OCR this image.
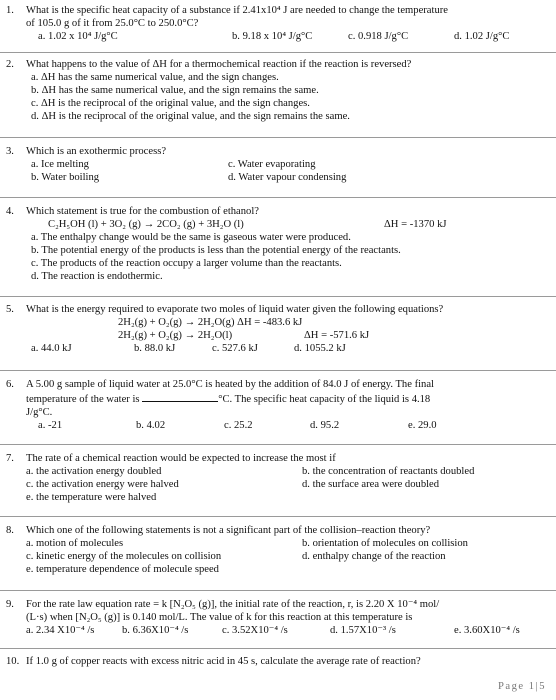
1.	What is the specific heat capacity of a substance if 2.41x10⁴ J are needed to change the temperature
of 105.0 g of it from 25.0°C to 250.0°C?
a. 1.02 x 10⁴ J/g°C	b. 9.18 x 10⁴ J/g°C	c. 0.918 J/g°C	d. 1.02 J/g°C
2.	What happens to the value of ΔH for a thermochemical reaction if the reaction is reversed?
a. ΔH has the same numerical value, and the sign changes.
b. ΔH has the same numerical value, and the sign remains the same.
c. ΔH is the reciprocal of the original value, and the sign changes.
d. ΔH is the reciprocal of the original value, and the sign remains the same.
3.	Which is an exothermic process?
a. Ice melting	c. Water evaporating
b. Water boiling	d. Water vapour condensing
4.	Which statement is true for the combustion of ethanol?
C₂H₅OH (l) + 3O₂ (g) → 2CO₂ (g) + 3H₂O (l)	ΔH = -1370 kJ
a. The enthalpy change would be the same is gaseous water were produced.
b. The potential energy of the products is less than the potential energy of the reactants.
c. The products of the reaction occupy a larger volume than the reactants.
d. The reaction is endothermic.
5.	What is the energy required to evaporate two moles of liquid water given the following equations?
2H₂(g) + O₂(g) → 2H₂O(g) ΔH = -483.6 kJ
2H₂(g) + O₂(g) → 2H₂O(l)	ΔH = -571.6 kJ
a. 44.0 kJ	b. 88.0 kJ	c. 527.6 kJ	d. 1055.2 kJ
6.	A 5.00 g sample of liquid water at 25.0°C is heated by the addition of 84.0 J of energy. The final
temperature of the water is	°C. The specific heat capacity of the liquid is 4.18
J/g°C.
a. -21	b. 4.02	c. 25.2	d. 95.2	e. 29.0
7.	The rate of a chemical reaction would be expected to increase the most if
a. the activation energy doubled	b. the concentration of reactants doubled
c. the activation energy were halved	d. the surface area were doubled
e. the temperature were halved
8.	Which one of the following statements is not a significant part of the collision–reaction theory?
a. motion of molecules	b. orientation of molecules on collision
c. kinetic energy of the molecules on collision	d. enthalpy change of the reaction
e. temperature dependence of molecule speed
9.	For the rate law equation rate = k [N₂O₅ (g)], the initial rate of the reaction, r, is 2.20 X 10⁻⁴ mol/
(L·s) when [N₂O₅ (g)] is 0.140 mol/L. The value of k for this reaction at this temperature is
a. 2.34 X10⁻⁴ /s	b. 6.36X10⁻⁴ /s	c. 3.52X10⁻⁴ /s	d. 1.57X10⁻³ /s	e. 3.60X10⁻⁴ /s
10. If 1.0 g of copper reacts with excess nitric acid in 45 s, calculate the average rate of reaction?
Page 1|5
